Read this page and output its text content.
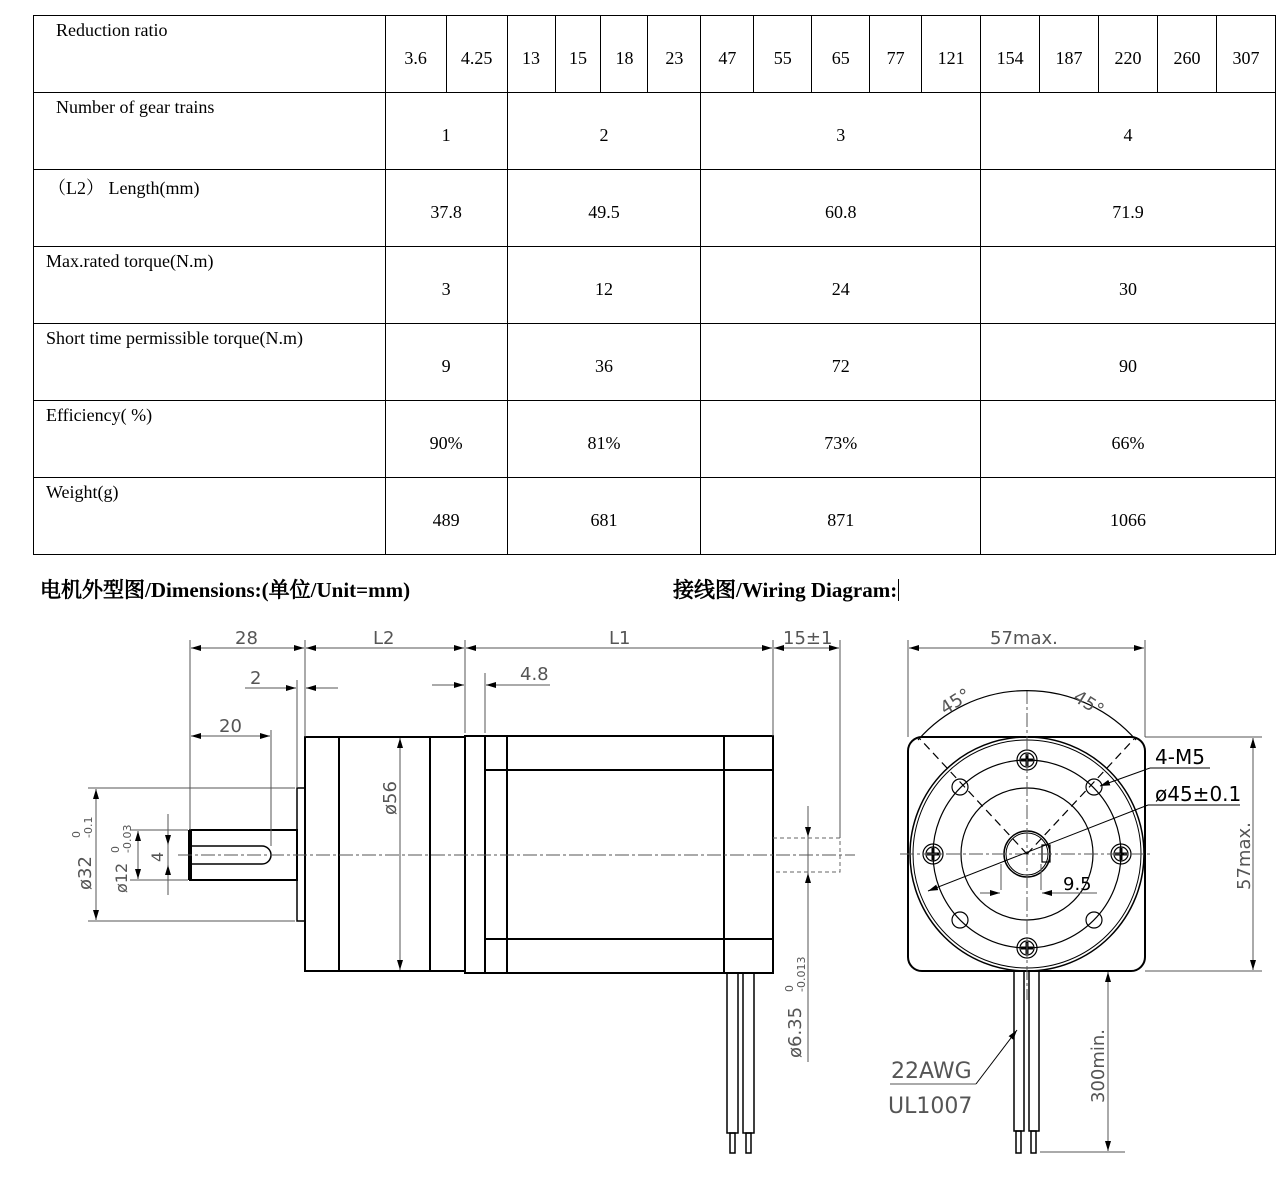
Reduction ratio	3.6	4.25	13	15	18	23	47	55	65	77	121	154	187	220	260	307
Number of gear trains	1		2				3					4				
（L2） Length(mm)	37.8		49.5				60.8					71.9				
Max.rated torque(N.m)	3		12				24					30				
Short time permissible torque(N.m)	9		36				72					90				
Efficiency( %)	90%		81%				73%					66%				
Weight(g)	489		681				871					1066				
电机外型图/Dimensions:(单位/Unit=mm)	接线图/Wiring Diagram:
28	L2	L1	15±1
2	4.8
20
ø56
ø32
0 -0.1
ø12
0 -0.03
4
ø6.35
0 -0.013
57max.
57max.
45°	45°
4-M5
ø45±0.1
9.5
300min.
22AWG
UL1007
